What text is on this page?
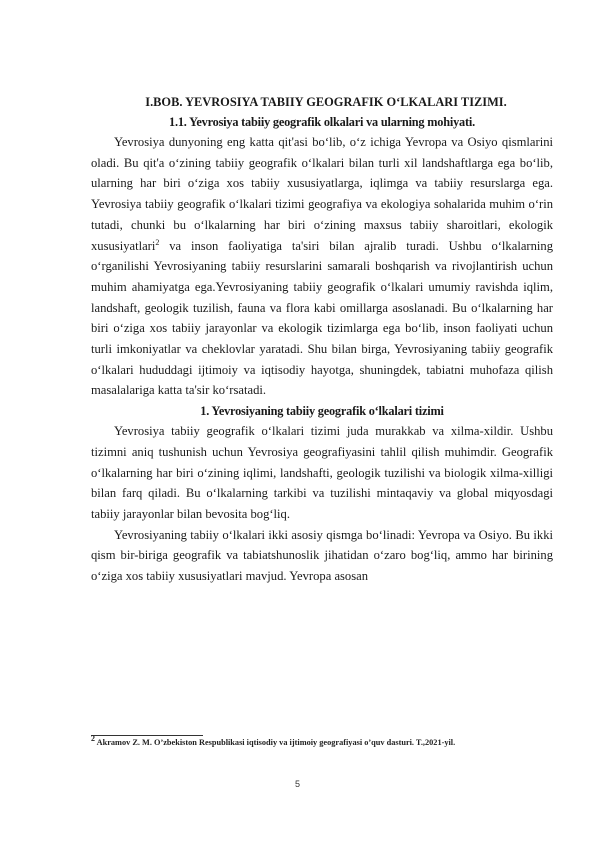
I.BOB. YEVROSIYA TABIIY GEOGRAFIK O‘LKALARI TIZIMI.

1.1. Yevrosiya tabiiy geografik olkalari va ularning mohiyati.

Yevrosiya dunyoning eng katta qit'asi bo‘lib, o‘z ichiga Yevropa va Osiyo qismlarini oladi. Bu qit'a o‘zining tabiiy geografik o‘lkalari bilan turli xil landshaftlarga ega bo‘lib, ularning har biri o‘ziga xos tabiiy xususiyatlarga, iqlimga va tabiiy resurslarga ega. Yevrosiya tabiiy geografik o‘lkalari tizimi geografiya va ekologiya sohalarida muhim o‘rin tutadi, chunki bu o‘lkalarning har biri o‘zining maxsus tabiiy sharoitlari, ekologik xususiyatlari$^2$ va inson faoliyatiga ta'siri bilan ajralib turadi. Ushbu o‘lkalarning o‘rganilishi Yevrosiyaning tabiiy resurslarini samarali boshqarish va rivojlantirish uchun muhim ahamiyatga ega.Yevrosiyaning tabiiy geografik o‘lkalari umumiy ravishda iqlim, landshaft, geologik tuzilish, fauna va flora kabi omillarga asoslanadi. Bu o‘lkalarning har biri o‘ziga xos tabiiy jarayonlar va ekologik tizimlarga ega bo‘lib, inson faoliyati uchun turli imkoniyatlar va cheklovlar yaratadi. Shu bilan birga, Yevrosiyaning tabiiy geografik o‘lkalari hududdagi ijtimoiy va iqtisodiy hayotga, shuningdek, tabiatni muhofaza qilish masalalariga katta ta'sir ko‘rsatadi.

1. Yevrosiyaning tabiiy geografik o‘lkalari tizimi

Yevrosiya tabiiy geografik o‘lkalari tizimi juda murakkab va xilma-xildir. Ushbu tizimni aniq tushunish uchun Yevrosiya geografiyasini tahlil qilish muhimdir. Geografik o‘lkalarning har biri o‘zining iqlimi, landshafti, geologik tuzilishi va biologik xilma-xilligi bilan farq qiladi. Bu o‘lkalarning tarkibi va tuzilishi mintaqaviy va global miqyosdagi tabiiy jarayonlar bilan bevosita bog‘liq.

Yevrosiyaning tabiiy o‘lkalari ikki asosiy qismga bo‘linadi: Yevropa va Osiyo. Bu ikki qism bir-biriga geografik va tabiatshunoslik jihatidan o‘zaro bog‘liq, ammo har birining o‘ziga xos tabiiy xususiyatlari mavjud. Yevropa asosan

$^2$ Akramov Z. M. O’zbekiston Respublikasi iqtisodiy va ijtimoiy geografiyasi o’quv dasturi. T.,2021-yil.
5
